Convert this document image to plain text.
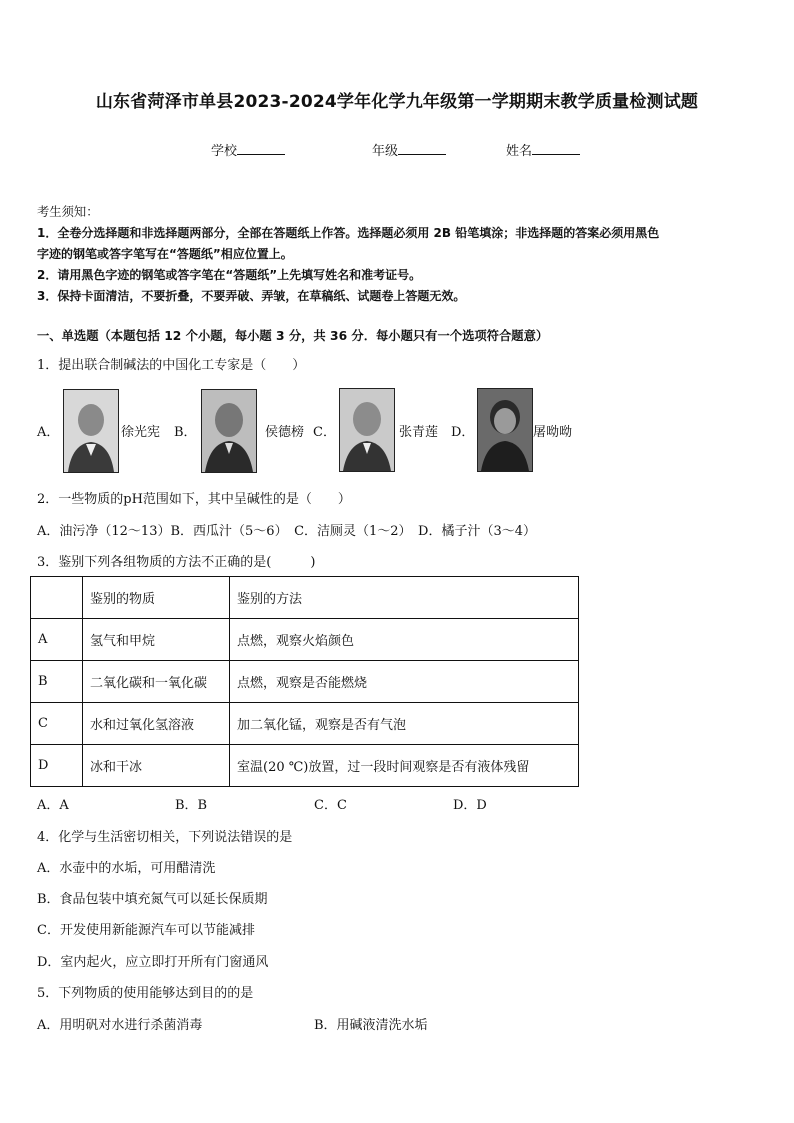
山东省菏泽市单县2023-2024学年化学九年级第一学期期末教学质量检测试题
学校	年级	姓名
考生须知：
1．全卷分选择题和非选择题两部分，全部在答题纸上作答。选择题必须用 2B 铅笔填涂；非选择题的答案必须用黑色
字迹的钢笔或答字笔写在“答题纸”相应位置上。
2．请用黑色字迹的钢笔或答字笔在“答题纸”上先填写姓名和准考证号。
3．保持卡面清洁，不要折叠，不要弄破、弄皱，在草稿纸、试题卷上答题无效。
一、单选题（本题包括 12 个小题，每小题 3 分，共 36 分．每小题只有一个选项符合题意）
1．提出联合制碱法的中国化工专家是（　　）
A．	徐光宪 B．	侯德榜 C．	张青莲 D．	屠呦呦
2．一些物质的pH范围如下，其中呈碱性的是（　　）
A．油污净（12～13）B．西瓜汁（5～6）　C．洁厕灵（1～2）　D．橘子汁（3～4）
3．鉴别下列各组物质的方法不正确的是(　　　)
	鉴别的物质	鉴别的方法
A	氢气和甲烷	点燃，观察火焰颜色
B	二氧化碳和一氧化碳	点燃，观察是否能燃烧
C	水和过氧化氢溶液	加二氧化锰，观察是否有气泡
D	冰和干冰	室温(20 ℃)放置，过一段时间观察是否有液体残留
A．A	B．B	C．C	D．D
4．化学与生活密切相关，下列说法错误的是
A．水壶中的水垢，可用醋清洗
B．食品包装中填充氮气可以延长保质期
C．开发使用新能源汽车可以节能减排
D．室内起火，应立即打开所有门窗通风
5．下列物质的使用能够达到目的的是
A．用明矾对水进行杀菌消毒	B．用碱液清洗水垢
